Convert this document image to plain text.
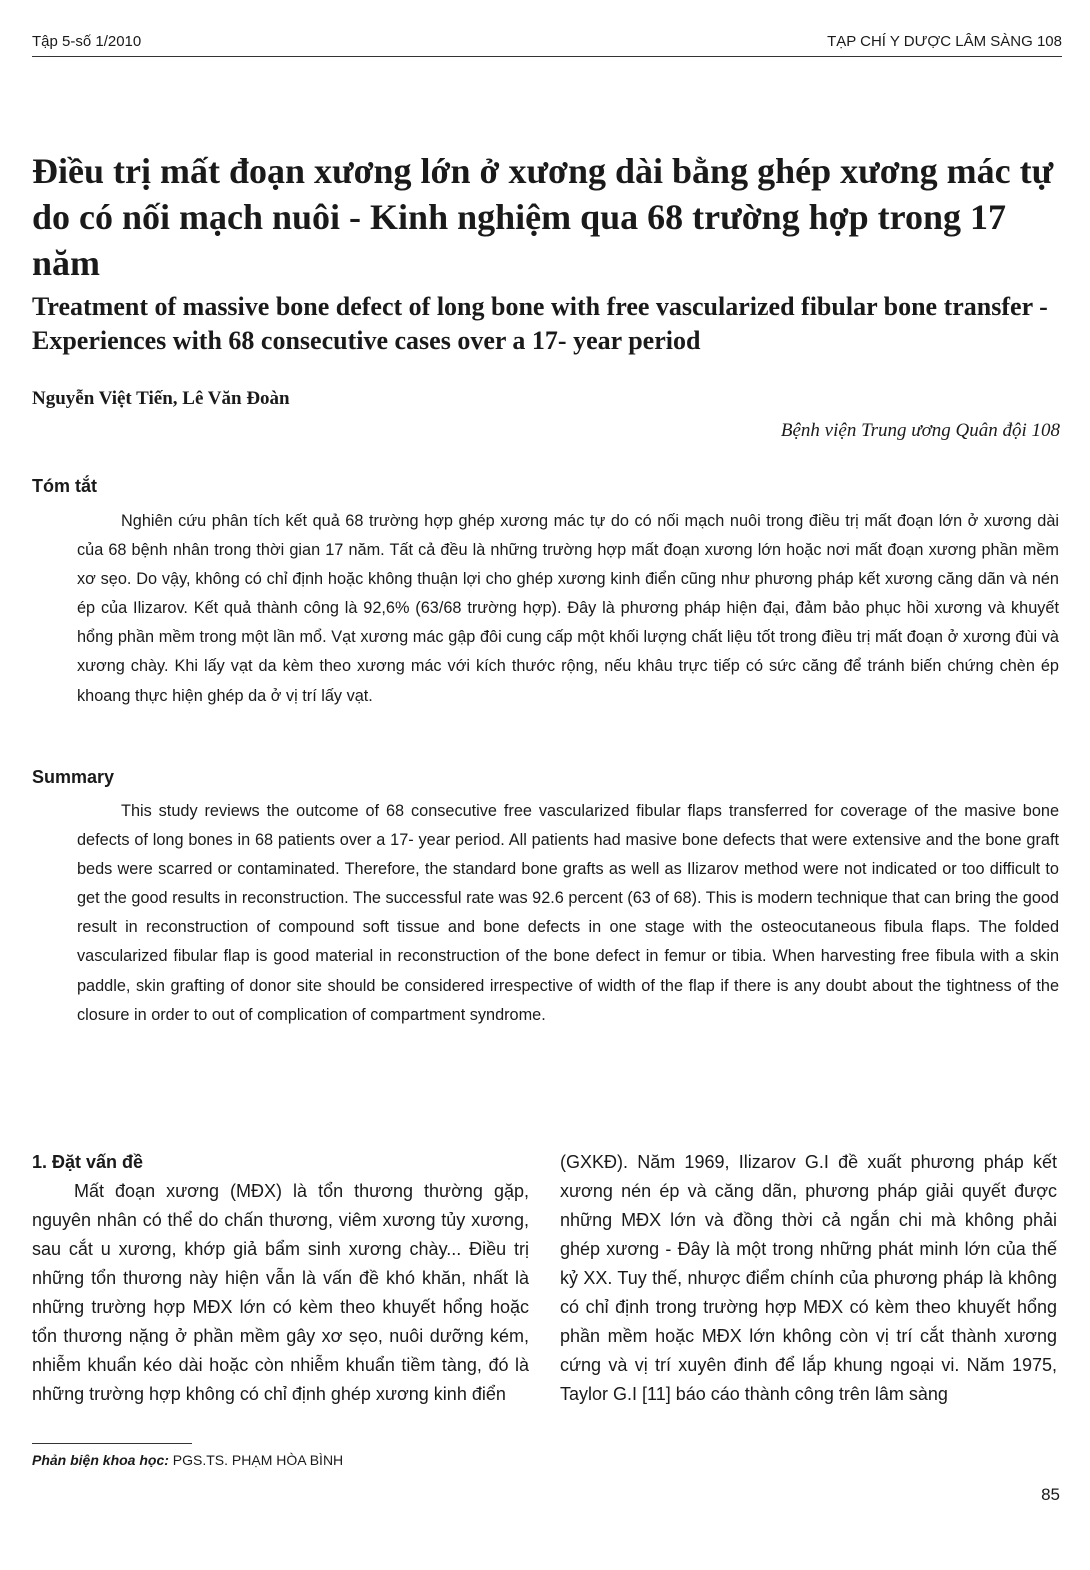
Tập 5-số 1/2010	TẠP CHÍ Y DƯỢC LÂM SÀNG 108
Điều trị mất đoạn xương lớn ở xương dài bằng ghép xương mác tự do có nối mạch nuôi - Kinh nghiệm qua 68 trường hợp trong 17 năm
Treatment of massive bone defect of long bone with free vascularized fibular bone transfer - Experiences with 68 consecutive cases over a 17- year period
Nguyễn Việt Tiến, Lê Văn Đoàn
Bệnh viện Trung ương Quân đội 108
Tóm tắt

Nghiên cứu phân tích kết quả 68 trường hợp ghép xương mác tự do có nối mạch nuôi trong điều trị mất đoạn lớn ở xương dài của 68 bệnh nhân trong thời gian 17 năm. Tất cả đều là những trường hợp mất đoạn xương lớn hoặc nơi mất đoạn xương phần mềm xơ sẹo. Do vậy, không có chỉ định hoặc không thuận lợi cho ghép xương kinh điển cũng như phương pháp kết xương căng dãn và nén ép của Ilizarov. Kết quả thành công là 92,6% (63/68 trường hợp). Đây là phương pháp hiện đại, đảm bảo phục hồi xương và khuyết hổng phần mềm trong một lần mổ. Vạt xương mác gập đôi cung cấp một khối lượng chất liệu tốt trong điều trị mất đoạn ở xương đùi và xương chày. Khi lấy vạt da kèm theo xương mác với kích thước rộng, nếu khâu trực tiếp có sức căng để tránh biến chứng chèn ép khoang thực hiện ghép da ở vị trí lấy vạt.

Summary

This study reviews the outcome of 68 consecutive free vascularized fibular flaps transferred for coverage of the masive bone defects of long bones in 68 patients over a 17- year period. All patients had masive bone defects that were extensive and the bone graft beds were scarred or contaminated. Therefore, the standard bone grafts as well as Ilizarov method were not indicated or too difficult to get the good results in reconstruction. The successful rate was 92.6 percent (63 of 68). This is modern technique that can bring the good result in reconstruction of compound soft tissue and bone defects in one stage with the osteocutaneous fibula flaps. The folded vascularized fibular flap is good material in reconstruction of the bone defect in femur or tibia. When harvesting free fibula with a skin paddle, skin grafting of donor site should be considered irrespective of width of the flap if there is any doubt about the tightness of the closure in order to out of complication of compartment syndrome.

1. Đặt vấn đề

Mất đoạn xương (MĐX) là tổn thương thường gặp, nguyên nhân có thể do chấn thương, viêm xương tủy xương, sau cắt u xương, khớp giả bẩm sinh xương chày... Điều trị những tổn thương này hiện vẫn là vấn đề khó khăn, nhất là những trường hợp MĐX lớn có kèm theo khuyết hổng hoặc tổn thương nặng ở phần mềm gây xơ sẹo, nuôi dưỡng kém, nhiễm khuẩn kéo dài hoặc còn nhiễm khuẩn tiềm tàng, đó là những trường hợp không có chỉ định ghép xương kinh điển

(GXKĐ). Năm 1969, Ilizarov G.I đề xuất phương pháp kết xương nén ép và căng dãn, phương pháp giải quyết được những MĐX lớn và đồng thời cả ngắn chi mà không phải ghép xương - Đây là một trong những phát minh lớn của thế kỷ XX. Tuy thế, nhược điểm chính của phương pháp là không có chỉ định trong trường hợp MĐX có kèm theo khuyết hổng phần mềm hoặc MĐX lớn không còn vị trí cắt thành xương cứng và vị trí xuyên đinh để lắp khung ngoại vi. Năm 1975, Taylor G.I [11] báo cáo thành công trên lâm sàng

Phản biện khoa học: PGS.TS. PHẠM HÒA BÌNH
85
